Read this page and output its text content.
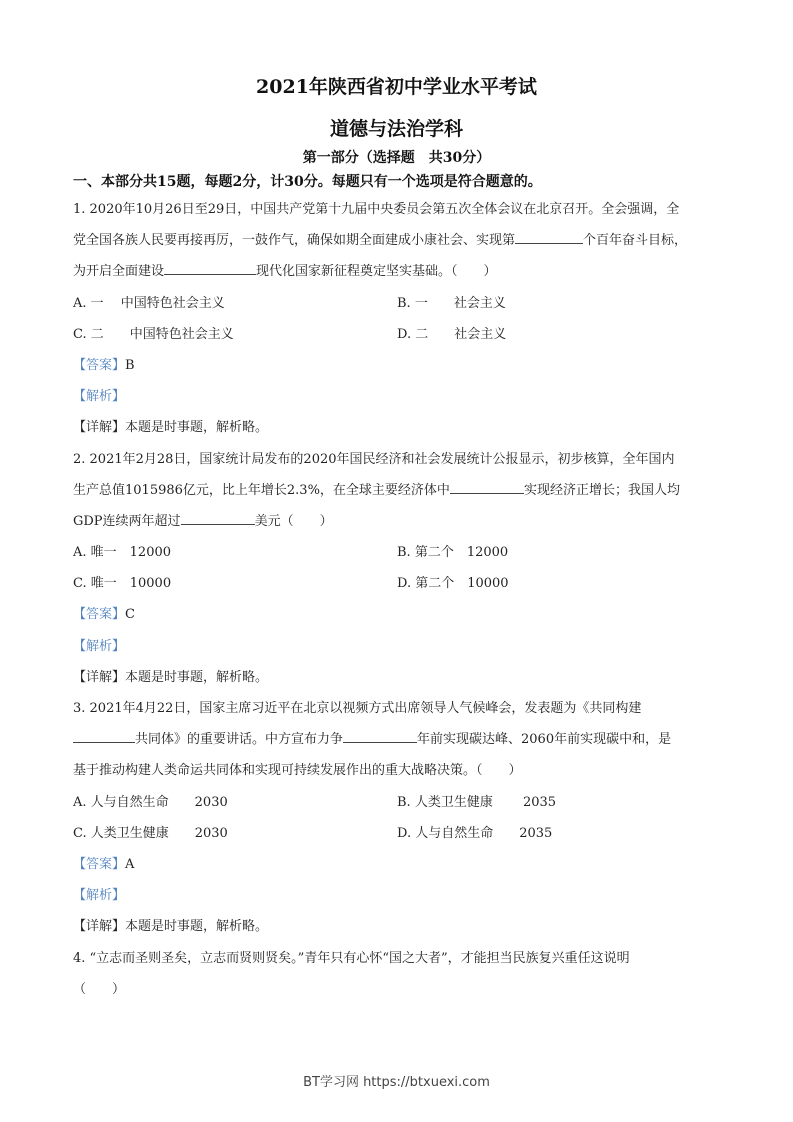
2021年陕西省初中学业水平考试
道德与法治学科
第一部分（选择题　共30分）
一、本部分共15题，每题2分，计30分。每题只有一个选项是符合题意的。
1. 2020年10月26日至29日，中国共产党第十九届中央委员会第五次全体会议在北京召开。全会强调，全
党全国各族人民要再接再厉，一鼓作气，确保如期全面建成小康社会、实现第	个百年奋斗目标，
为开启全面建设	现代化国家新征程奠定坚实基础。（　　）
A. 一　 中国特色社会主义	B. 一　　社会主义
C. 二　　中国特色社会主义	D. 二　　社会主义
【答案】B
【解析】
【详解】本题是时事题，解析略。
2. 2021年2月28日，国家统计局发布的2020年国民经济和社会发展统计公报显示，初步核算，全年国内
生产总值1015986亿元，比上年增长2.3%，在全球主要经济体中	实现经济正增长；我国人均
GDP连续两年超过	美元（　　）
A. 唯一　12000	B. 第二个　12000
C. 唯一　10000	D. 第二个　10000
【答案】C
【解析】
【详解】本题是时事题，解析略。
3. 2021年4月22日，国家主席习近平在北京以视频方式出席领导人气候峰会，发表题为《共同构建
共同体》的重要讲话。中方宣布力争	年前实现碳达峰、2060年前实现碳中和，是
基于推动构建人类命运共同体和实现可持续发展作出的重大战略决策。（　　）
A. 人与自然生命　　2030	B. 人类卫生健康　　 2035
C. 人类卫生健康　　2030	D. 人与自然生命　　2035
【答案】A
【解析】
【详解】本题是时事题，解析略。
4. “立志而圣则圣矣，立志而贤则贤矣。”青年只有心怀“国之大者”，才能担当民族复兴重任这说明
（　　）
BT学习网 https://btxuexi.com
